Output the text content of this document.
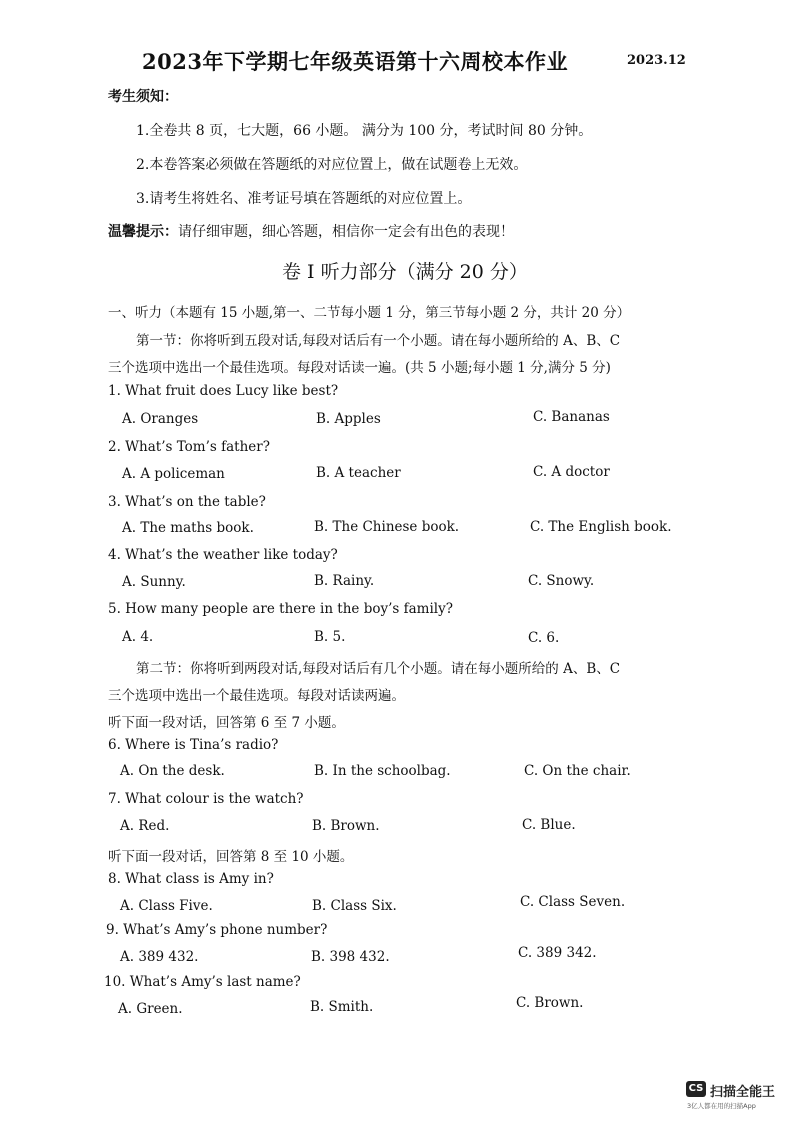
2023年下学期七年级英语第十六周校本作业	2023.12
考生须知：
1.全卷共 8 页，七大题，66 小题。 满分为 100 分，考试时间 80 分钟。
2.本卷答案必须做在答题纸的对应位置上，做在试题卷上无效。
3.请考生将姓名、准考证号填在答题纸的对应位置上。
温馨提示：请仔细审题，细心答题，相信你一定会有出色的表现！
卷 I 听力部分（满分 20 分）
一、听力（本题有 15 小题,第一、二节每小题 1 分，第三节每小题 2 分，共计 20 分）
第一节：你将听到五段对话,每段对话后有一个小题。请在每小题所给的 A、B、C
三个选项中选出一个最佳选项。每段对话读一遍。(共 5 小题;每小题 1 分,满分 5 分)
1. What fruit does Lucy like best?
A. Oranges	B. Apples	C. Bananas
2. What’s Tom’s father?
A. A policeman	B. A teacher	C. A doctor
3. What’s on the table?
A. The maths book.	B. The Chinese book.	C. The English book.
4. What’s the weather like today?
A. Sunny.	B. Rainy.	C. Snowy.
5. How many people are there in the boy’s family?
A. 4.	B. 5.	C. 6.
第二节：你将听到两段对话,每段对话后有几个小题。请在每小题所给的 A、B、C
三个选项中选出一个最佳选项。每段对话读两遍。
听下面一段对话，回答第 6 至 7 小题。
6. Where is Tina’s radio?
A. On the desk.	B. In the schoolbag.	C. On the chair.
7. What colour is the watch?
A. Red.	B. Brown.	C. Blue.
听下面一段对话，回答第 8 至 10 小题。
8. What class is Amy in?
A. Class Five.	B. Class Six.	C. Class Seven.
9. What’s Amy’s phone number?
A. 389 432.	B. 398 432.	C. 389 342.
10. What’s Amy’s last name?
A. Green.	B. Smith.	C. Brown.
CS 扫描全能王
3亿人都在用的扫描App
